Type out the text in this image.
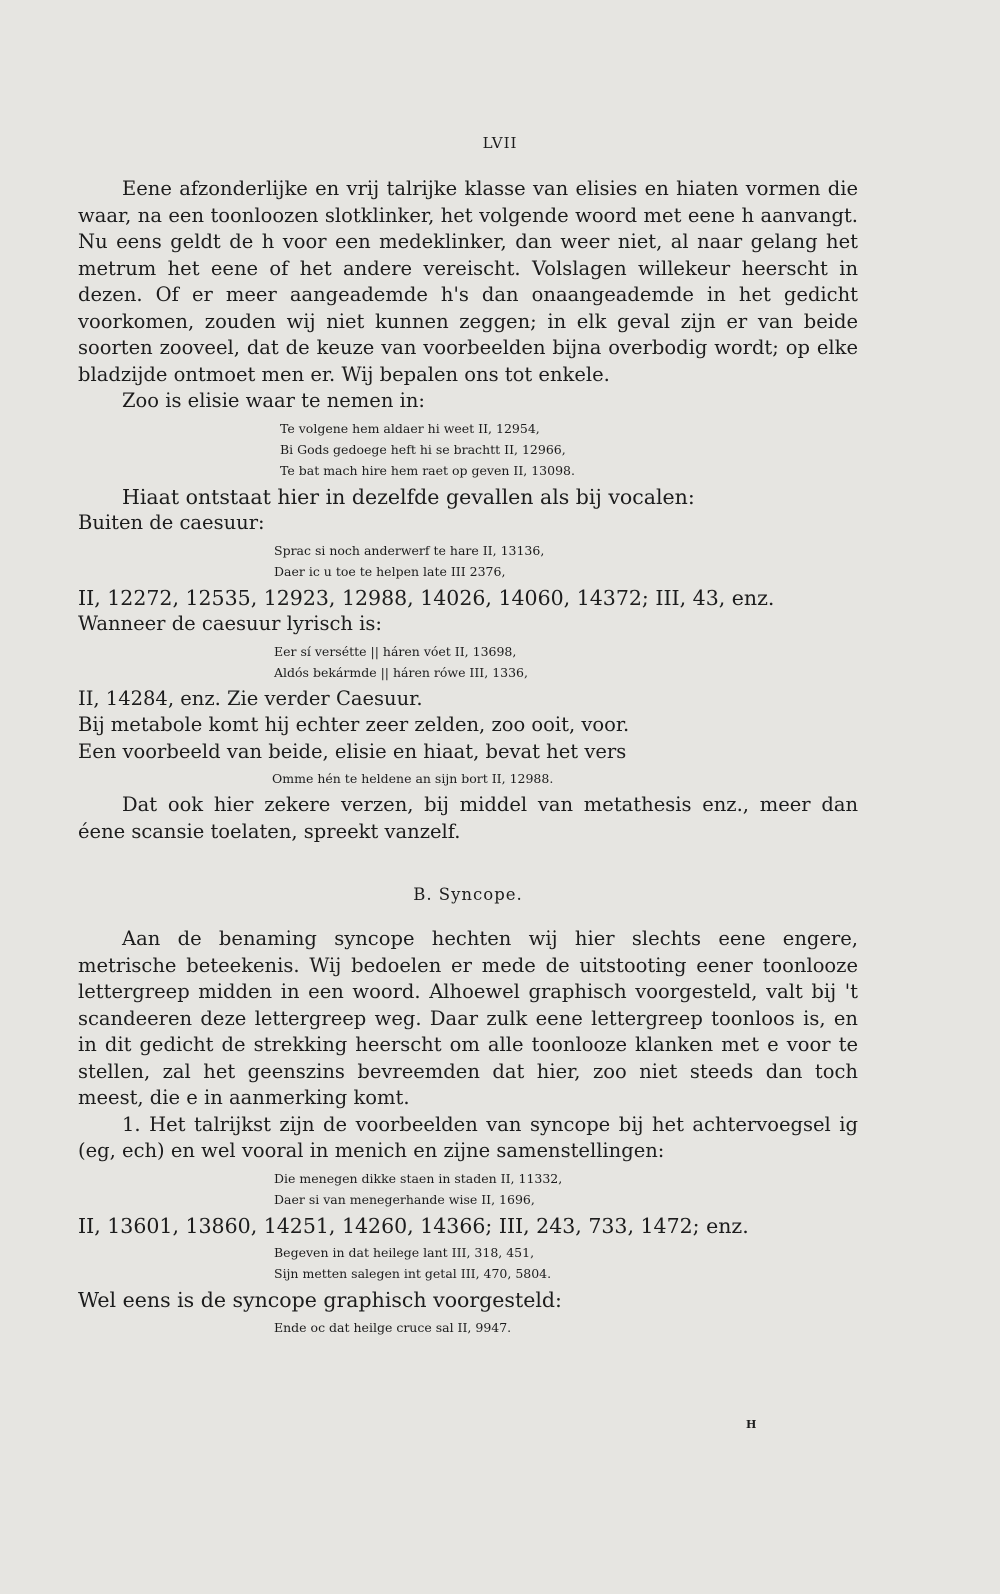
LVII

Eene afzonderlijke en vrij talrijke klasse van elisies en hiaten vormen die waar, na een toonloozen slotklinker, het volgende woord met eene h aanvangt. Nu eens geldt de h voor een medeklinker, dan weer niet, al naar gelang het metrum het eene of het andere vereischt. Volslagen willekeur heerscht in dezen. Of er meer aangeademde h's dan onaangeademde in het gedicht voorkomen, zouden wij niet kunnen zeggen; in elk geval zijn er van beide soorten zooveel, dat de keuze van voorbeelden bijna overbodig wordt; op elke bladzijde ontmoet men er. Wij bepalen ons tot enkele.

Zoo is elisie waar te nemen in:

Te volgene hem aldaer hi weet II, 12954,
Bi Gods gedoege heft hi se brachtt II, 12966,
Te bat mach hire hem raet op geven II, 13098.

Hiaat ontstaat hier in dezelfde gevallen als bij vocalen:

Buiten de caesuur:

Sprac si noch anderwerf te hare II, 13136,
Daer ic u toe te helpen late III 2376,

II, 12272, 12535, 12923, 12988, 14026, 14060, 14372; III, 43, enz.

Wanneer de caesuur lyrisch is:

Eer sí versétte || háren vóet II, 13698,
Aldós bekármde || háren rówe III, 1336,

II, 14284, enz. Zie verder Caesuur.

Bij metabole komt hij echter zeer zelden, zoo ooit, voor.

Een voorbeeld van beide, elisie en hiaat, bevat het vers

Omme hén te heldene an sijn bort II, 12988.

Dat ook hier zekere verzen, bij middel van metathesis enz., meer dan éene scansie toelaten, spreekt vanzelf.

B. Syncope.

Aan de benaming syncope hechten wij hier slechts eene engere, metrische beteekenis. Wij bedoelen er mede de uitstooting eener toonlooze lettergreep midden in een woord. Alhoewel graphisch voorgesteld, valt bij 't scandeeren deze lettergreep weg. Daar zulk eene lettergreep toonloos is, en in dit gedicht de strekking heerscht om alle toonlooze klanken met e voor te stellen, zal het geenszins bevreemden dat hier, zoo niet steeds dan toch meest, die e in aanmerking komt.

1. Het talrijkst zijn de voorbeelden van syncope bij het achtervoegsel ig (eg, ech) en wel vooral in menich en zijne samenstellingen:

Die menegen dikke staen in staden II, 11332,
Daer si van menegerhande wise II, 1696,

II, 13601, 13860, 14251, 14260, 14366; III, 243, 733, 1472; enz.

Begeven in dat heilege lant III, 318, 451,
Sijn metten salegen int getal III, 470, 5804.

Wel eens is de syncope graphisch voorgesteld:

Ende oc dat heilge cruce sal II, 9947.
H
